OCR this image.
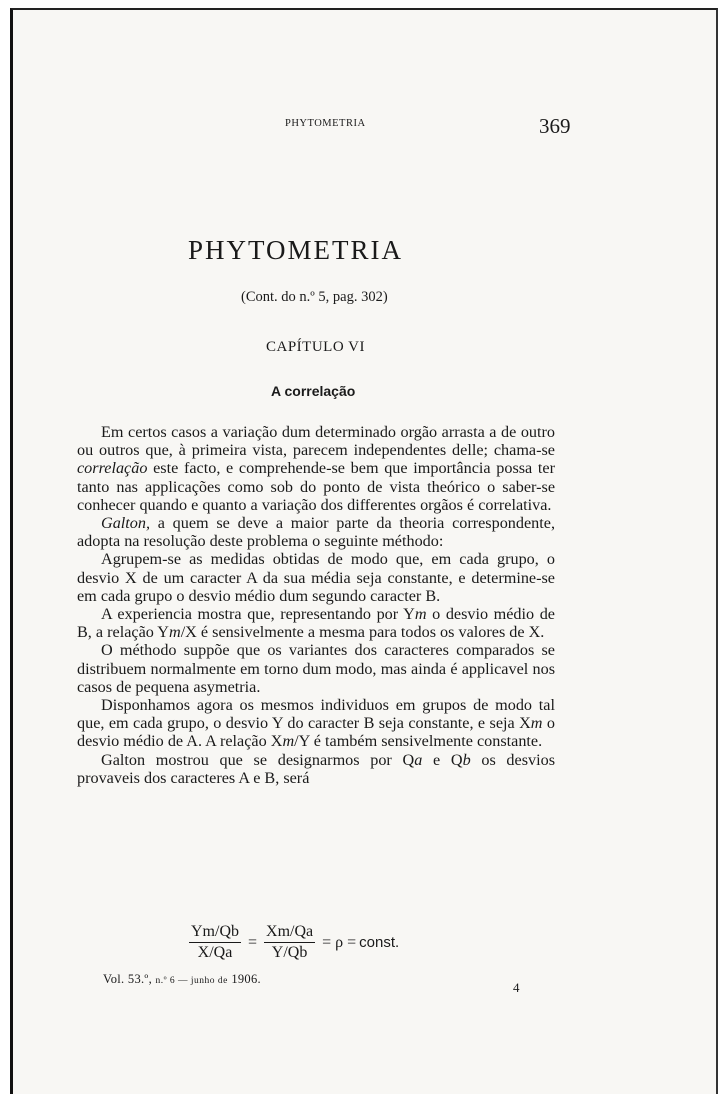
PHYTOMETRIA	369
PHYTOMETRIA
(Cont. do n.º 5, pag. 302)
CAPÍTULO VI
A correlação

Em certos casos a variação dum determinado orgão arrasta a de outro ou outros que, à primeira vista, parecem independentes delle; chama-se correlação este facto, e comprehende-se bem que importância possa ter tanto nas applicações como sob do ponto de vista theórico o saber-se conhecer quando e quanto a variação dos differentes orgãos é correlativa.

Galton, a quem se deve a maior parte da theoria correspondente, adopta na resolução deste problema o seguinte méthodo:

Agrupem-se as medidas obtidas de modo que, em cada grupo, o desvio X de um caracter A da sua média seja constante, e determine-se em cada grupo o desvio médio dum segundo caracter B.

A experiencia mostra que, representando por Ym o desvio médio de B, a relação Ym/X é sensivelmente a mesma para todos os valores de X.

O méthodo suppõe que os variantes dos caracteres comparados se distribuem normalmente em torno dum modo, mas ainda é applicavel nos casos de pequena asymetria.

Disponhamos agora os mesmos individuos em grupos de modo tal que, em cada grupo, o desvio Y do caracter B seja constante, e seja Xm o desvio médio de A. A relação Xm/Y é também sensivelmente constante.

Galton mostrou que se designarmos por Qa e Qb os desvios provaveis dos caracteres A e B, será

$\frac{Ym/Qb}{X/Qa} = \frac{Xm/Qa}{Y/Qb} = \rho$ = const.
Vol. 53.º, n.º 6 — junho de 1906.
4
